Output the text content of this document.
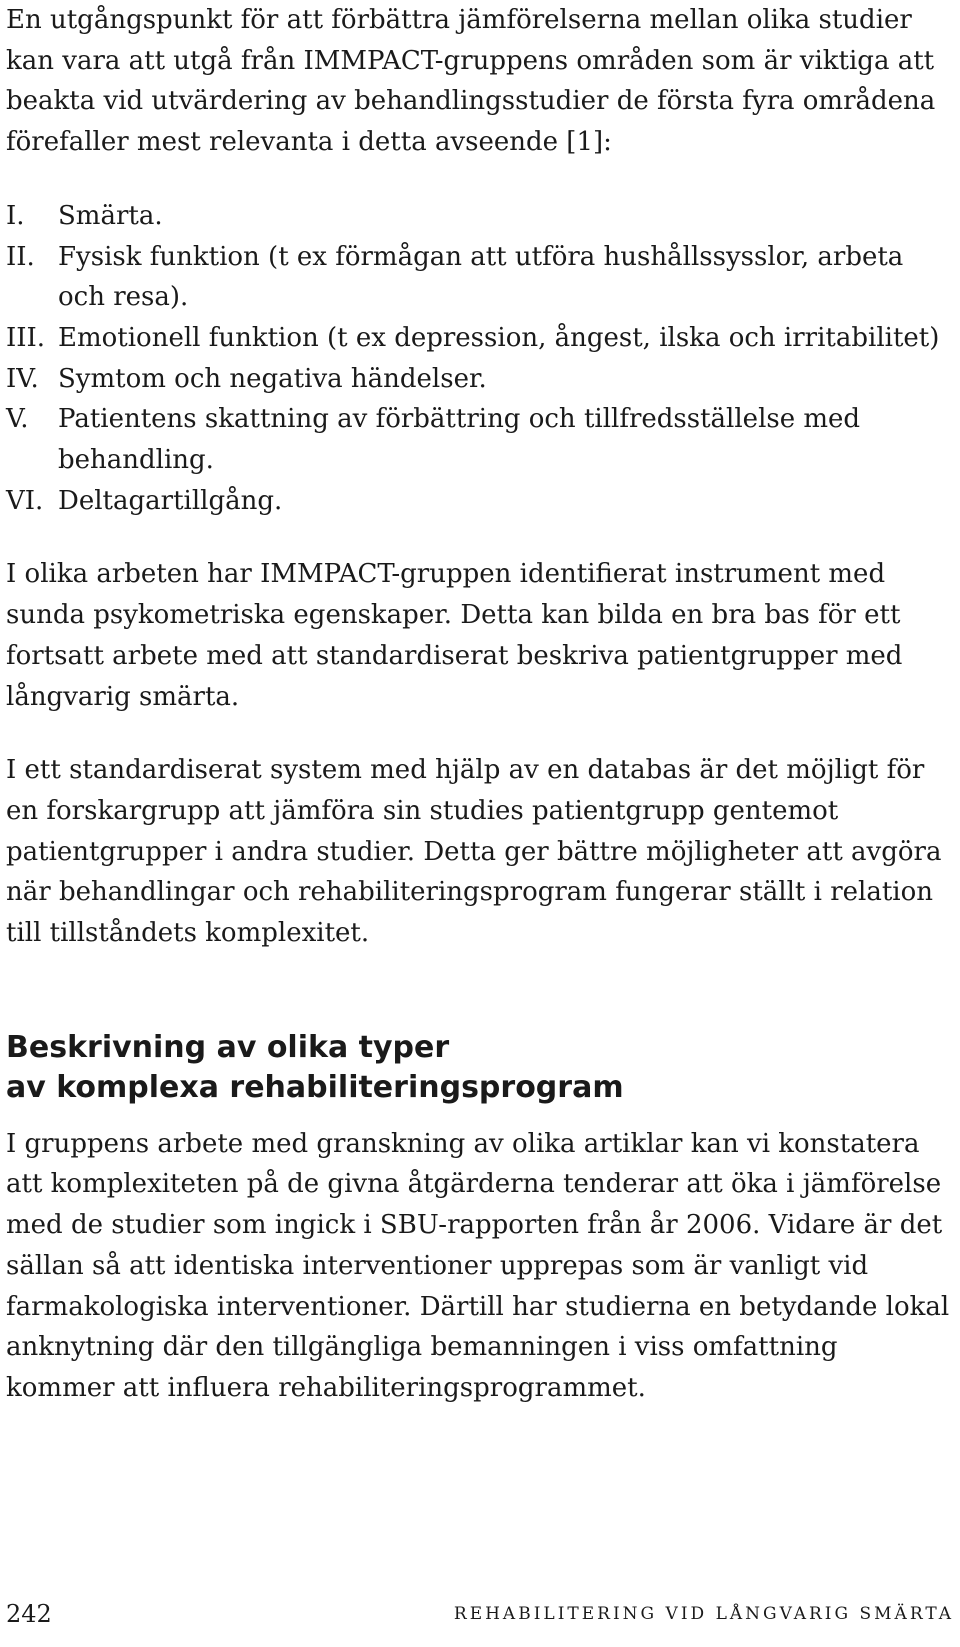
En utgångspunkt för att förbättra jämförelserna mellan olika studier kan vara att utgå från IMMPACT-gruppens områden som är viktiga att beakta vid utvärdering av behandlingsstudier de första fyra områdena förefaller mest relevanta i detta avseende [1]:

I.	Smärta.
II. Fysisk funktion (t ex förmågan att utföra hushållssysslor, arbeta och resa).
III. Emotionell funktion (t ex depression, ångest, ilska och irritabilitet)
IV. Symtom och negativa händelser.
V.	Patientens skattning av förbättring och tillfredsställelse med behandling.
VI. Deltagartillgång.

I olika arbeten har IMMPACT-gruppen identifierat instrument med sunda psykometriska egenskaper. Detta kan bilda en bra bas för ett fortsatt arbete med att standardiserat beskriva patientgrupper med långvarig smärta.

I ett standardiserat system med hjälp av en databas är det möjligt för en forskargrupp att jämföra sin studies patientgrupp gentemot patientgrupper i andra studier. Detta ger bättre möjligheter att avgöra när behandlingar och rehabiliteringsprogram fungerar ställt i relation till tillståndets komplexitet.

Beskrivning av olika typer
av komplexa rehabiliteringsprogram

I gruppens arbete med granskning av olika artiklar kan vi konstatera att komplexiteten på de givna åtgärderna tenderar att öka i jämförelse med de studier som ingick i SBU-rapporten från år 2006. Vidare är det sällan så att identiska interventioner upprepas som är vanligt vid farmakologiska interventioner. Därtill har studierna en betydande lokal anknytning där den tillgängliga bemanningen i viss omfattning kommer att influera rehabiliteringsprogrammet.

242	REHABILITERING VID LÅNGVARIG SMÄRTA
